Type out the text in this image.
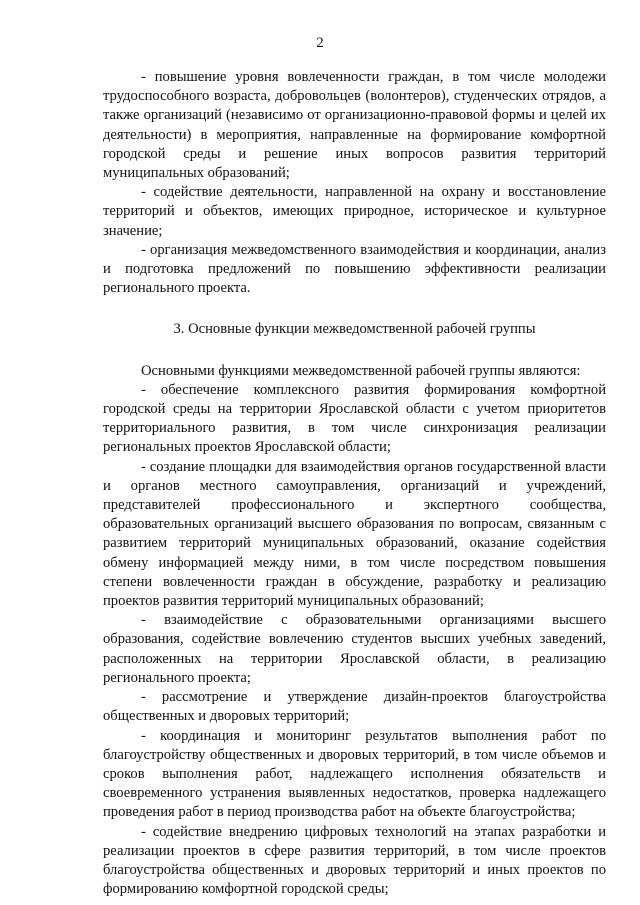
2

- повышение уровня вовлеченности граждан, в том числе молодежи трудоспособного возраста, добровольцев (волонтеров), студенческих отрядов, а также организаций (независимо от организационно-правовой формы и целей их деятельности) в мероприятия, направленные на формирование комфортной городской среды и решение иных вопросов развития территорий муниципальных образований;

- содействие деятельности, направленной на охрану и восстановление территорий и объектов, имеющих природное, историческое и культурное значение;

- организация межведомственного взаимодействия и координации, анализ и подготовка предложений по повышению эффективности реализации регионального проекта.

3. Основные функции межведомственной рабочей группы

Основными функциями межведомственной рабочей группы являются:

- обеспечение комплексного развития формирования комфортной городской среды на территории Ярославской области с учетом приоритетов территориального развития, в том числе синхронизация реализации региональных проектов Ярославской области;

- создание площадки для взаимодействия органов государственной власти и органов местного самоуправления, организаций и учреждений, представителей профессионального и экспертного сообщества, образовательных организаций высшего образования по вопросам, связанным с развитием территорий муниципальных образований, оказание содействия обмену информацией между ними, в том числе посредством повышения степени вовлеченности граждан в обсуждение, разработку и реализацию проектов развития территорий муниципальных образований;

- взаимодействие с образовательными организациями высшего образования, содействие вовлечению студентов высших учебных заведений, расположенных на территории Ярославской области, в реализацию регионального проекта;

- рассмотрение и утверждение дизайн-проектов благоустройства общественных и дворовых территорий;

- координация и мониторинг результатов выполнения работ по благоустройству общественных и дворовых территорий, в том числе объемов и сроков выполнения работ, надлежащего исполнения обязательств и своевременного устранения выявленных недостатков, проверка надлежащего проведения работ в период производства работ на объекте благоустройства;

- содействие внедрению цифровых технологий на этапах разработки и реализации проектов в сфере развития территорий, в том числе проектов благоустройства общественных и дворовых территорий и иных проектов по формированию комфортной городской среды;
